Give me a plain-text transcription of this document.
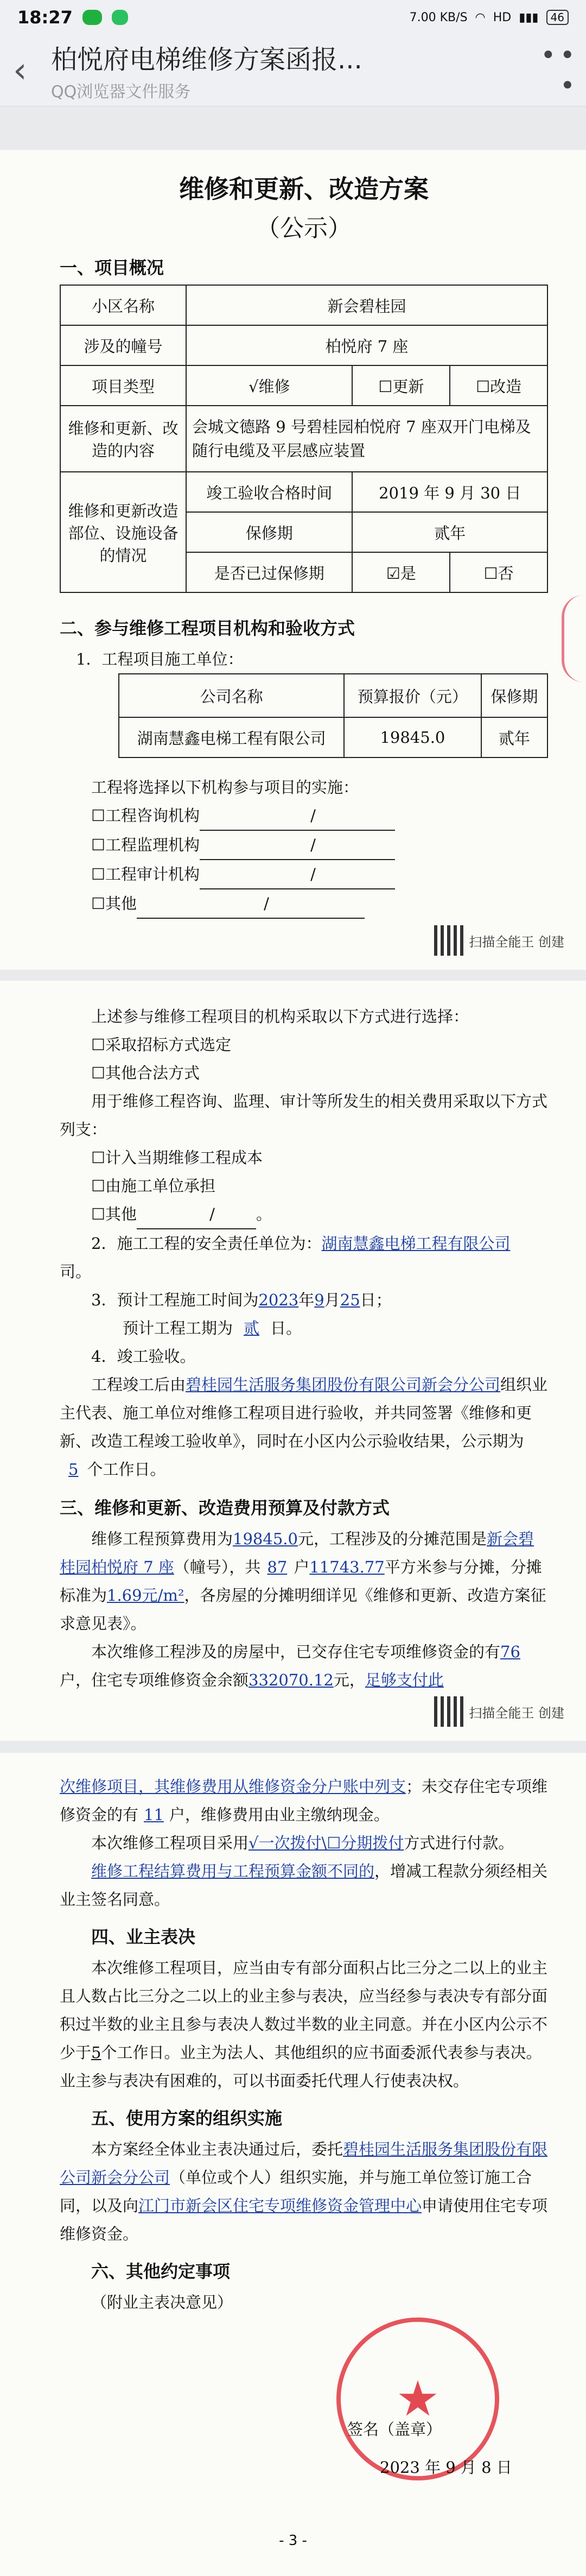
18:27	7.00 KB/S ◠ HD ▮▮▮	46
‹ 柏悦府电梯维修方案函报...
QQ浏览器文件服务
• • •
维修和更新、改造方案
（公示）
一、项目概况
小区名称	新会碧桂园		
涉及的幢号	柏悦府 7 座		
项目类型	√维修	☐更新	☐改造
维修和更新、改造的内容	会城文德路 9 号碧桂园柏悦府 7 座双开门电梯及随行电缆及平层感应装置		
维修和更新改造部位、设施设备的情况	竣工验收合格时间	2019 年 9 月 30 日	
	保修期	贰年	
	是否已过保修期	☑是	☐否
二、参与维修工程项目机构和验收方式

1．工程项目施工单位：

公司名称	预算报价（元）	保修期
湖南慧鑫电梯工程有限公司	19845.0	贰年

工程将选择以下机构参与项目的实施：

☐工程咨询机构	/

☐工程监理机构	/

☐工程审计机构	/

☐其他	/

扫描全能王 创建

上述参与维修工程项目的机构采取以下方式进行选择：

☐采取招标方式选定

☐其他合法方式

用于维修工程咨询、监理、审计等所发生的相关费用采取以下方式列支：

☐计入当期维修工程成本

☐由施工单位承担

☐其他	/	。

2．施工工程的安全责任单位为：湖南慧鑫电梯工程有限公司

司。

3．预计工程施工时间为2023年9月25日；

预计工程工期为 贰 日。

4．竣工验收。

工程竣工后由碧桂园生活服务集团股份有限公司新会分公司组织业主代表、施工单位对维修工程项目进行验收，并共同签署《维修和更新、改造工程竣工验收单》，同时在小区内公示验收结果，公示期为5 个工作日。

三、维修和更新、改造费用预算及付款方式

维修工程预算费用为19845.0元，工程涉及的分摊范围是新会碧桂园柏悦府 7 座（幢号），共 87 户11743.77平方米参与分摊，分摊标准为1.69元/m²，各房屋的分摊明细详见《维修和更新、改造方案征求意见表》。

本次维修工程涉及的房屋中，已交存住宅专项维修资金的有76户，住宅专项维修资金余额332070.12元，足够支付此

扫描全能王 创建

次维修项目，其维修费用从维修资金分户账中列支；未交存住宅专项维修资金的有 11 户，维修费用由业主缴纳现金。

本次维修工程项目采用√一次拨付\☐分期拨付方式进行付款。

维修工程结算费用与工程预算金额不同的，增减工程款分须经相关业主签名同意。

四、业主表决

本次维修工程项目，应当由专有部分面积占比三分之二以上的业主且人数占比三分之二以上的业主参与表决，应当经参与表决专有部分面积过半数的业主且参与表决人数过半数的业主同意。并在小区内公示不少于5个工作日。业主为法人、其他组织的应书面委派代表参与表决。业主参与表决有困难的，可以书面委托代理人行使表决权。

五、使用方案的组织实施

本方案经全体业主表决通过后，委托碧桂园生活服务集团股份有限公司新会分公司（单位或个人）组织实施，并与施工单位签订施工合同，以及向江门市新会区住宅专项维修资金管理中心申请使用住宅专项维修资金。

六、其他约定事项

（附业主表决意见）

★

签名（盖章）

2023 年 9 月 8 日

- 3 -
